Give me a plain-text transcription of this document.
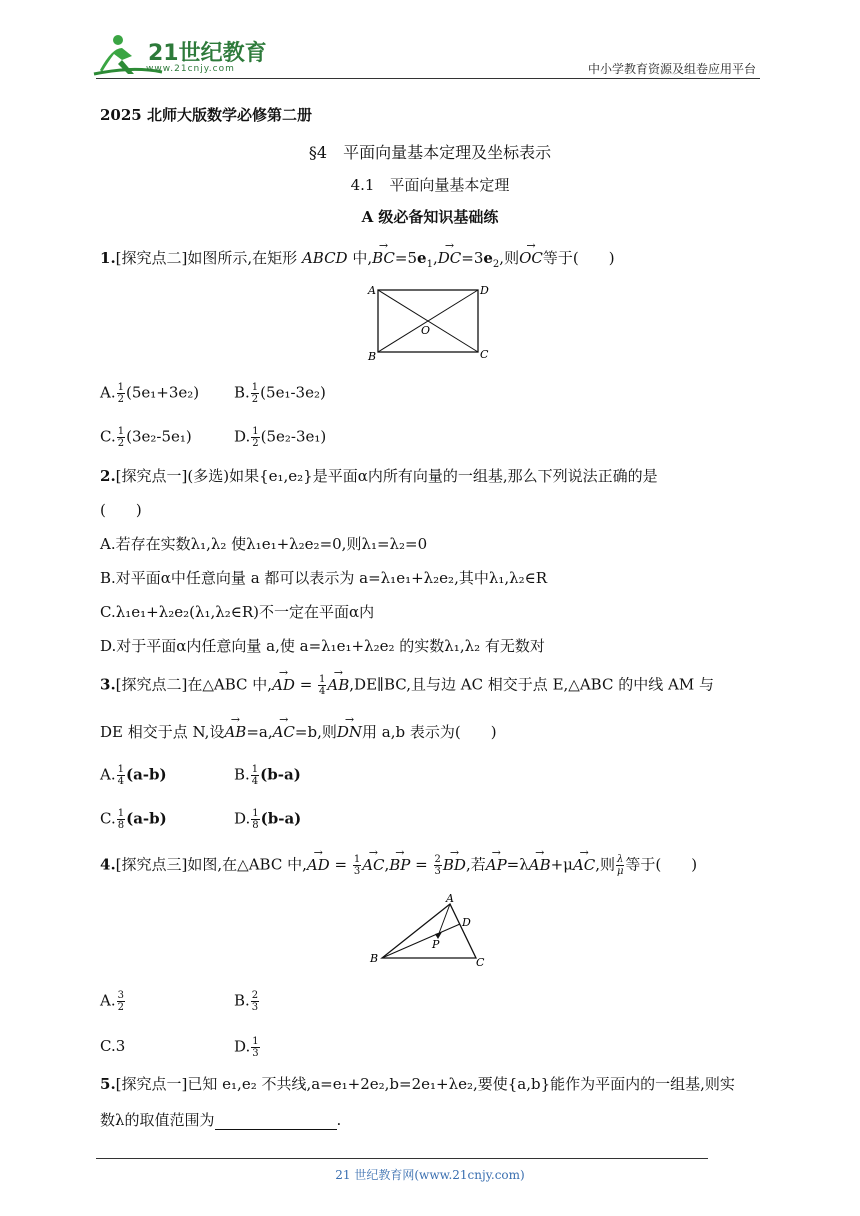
21世纪教育
www.21cnjy.com	中小学教育资源及组卷应用平台
2025 北师大版数学必修第二册
§4　平面向量基本定理及坐标表示
4.1　平面向量基本定理
A 级必备知识基础练
1.[探究点二]如图所示,在矩形 ABCD 中,→ $BC=5e_1,\to DC=3e_2$,则→ OC等于(　　)
A	D
O
B	C
A. $\frac{1}{2} (5e_1+3e_2)$ B. $\frac{1}{2} (5e_1-3e_2)$
C. $\frac{1}{2} (3e_2-5e_1)$	D. $\frac{1}{2} (5e_2-3e_1)$
2.[探究点一](多选)如果{e₁,e₂}是平面α内所有向量的一组基,那么下列说法正确的是
(　　)
A.若存在实数λ₁,λ₂ 使λ₁e₁+λ₂e₂=0,则λ₁=λ₂=0
B.对平面α中任意向量 a 都可以表示为 a=λ₁e₁+λ₂e₂,其中λ₁,λ₂∈R
C.λ₁e₁+λ₂e₂(λ₁,λ₂∈R)不一定在平面α内
D.对于平面α内任意向量 a,使 a=λ₁e₁+λ₂e₂ 的实数λ₁,λ₂ 有无数对
3.[探究点二]在△ABC 中,→ AD = $\frac{1}{4}$
→ AB,DE∥BC,且与边 AC 相交于点 E,△ABC 的中线 AM 与
DE 相交于点 N,设→ AB=a,→ AC=b,则→ DN用 a,b 表示为(　　)
A. $\frac{1}{4} (a-b)$	B. $\frac{1}{4} (b-a)$
C. $\frac{1}{8} (a-b)$	D. $\frac{1}{8} (b-a)$
4.[探究点三]如图,在△ABC 中,→ AD = $\frac{1}{3}$
→ AC,→ BP = $\frac{2}{3}$
→ BD,若→ AP=λ→ AB+μ→ AC,则 $\frac{\lambda}{\mu}$ 等于(　　)
A
D
P
B	C
A. $\frac{3}{2}$	B. $\frac{2}{3}$
C.3	D. $\frac{1}{3}$
5.[探究点一]已知 e₁,e₂ 不共线,a=e₁+2e₂,b=2e₁+λe₂,要使{a,b}能作为平面内的一组基,则实
数λ的取值范围为	.
21 世纪教育网(www.21cnjy.com)
